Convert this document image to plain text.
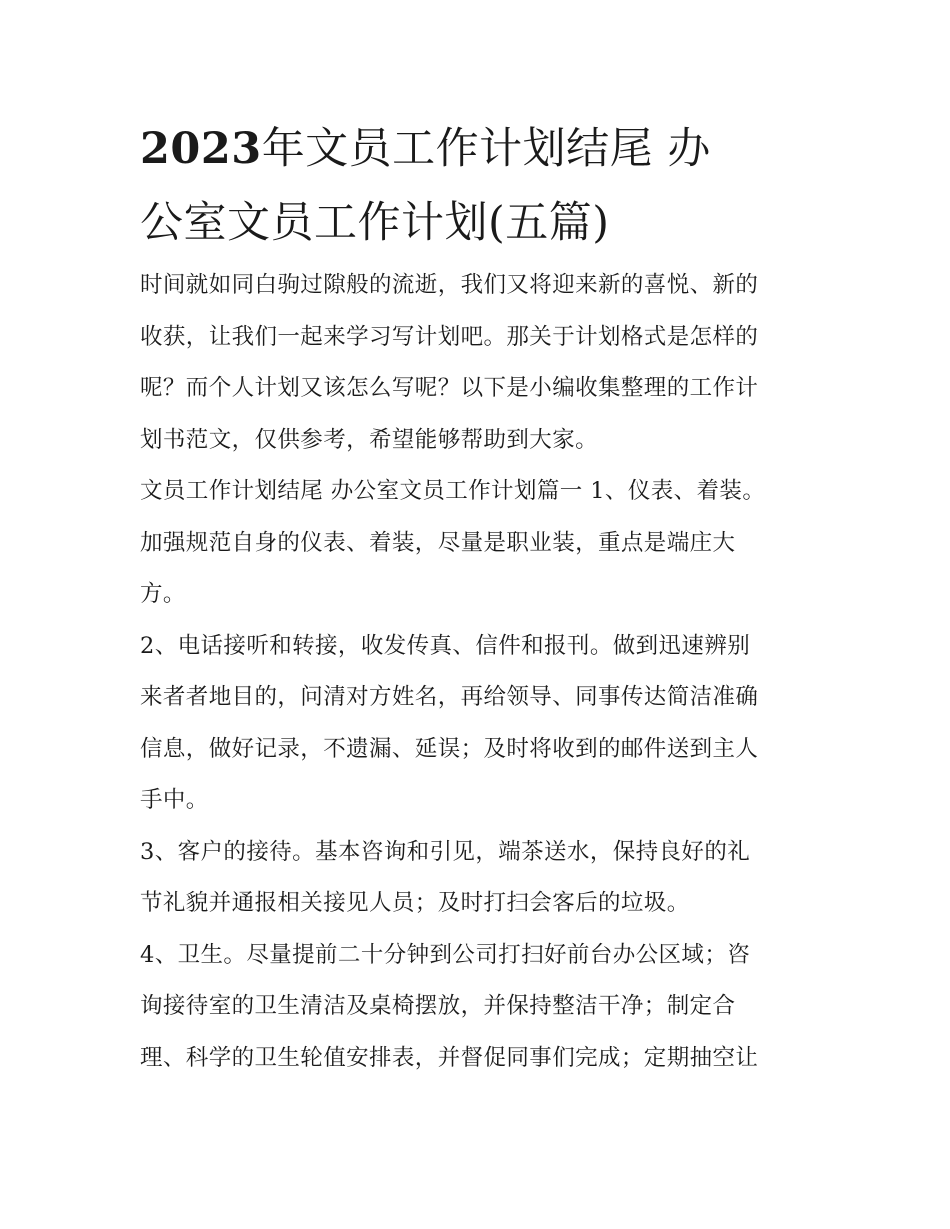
2023年文员工作计划结尾 办
公室文员工作计划(五篇)

时间就如同白驹过隙般的流逝，我们又将迎来新的喜悦、新的
收获，让我们一起来学习写计划吧。那关于计划格式是怎样的
呢？而个人计划又该怎么写呢？以下是小编收集整理的工作计
划书范文，仅供参考，希望能够帮助到大家。

文员工作计划结尾 办公室文员工作计划篇一 1、仪表、着装。
加强规范自身的仪表、着装，尽量是职业装，重点是端庄大
方。

2、电话接听和转接，收发传真、信件和报刊。做到迅速辨别
来者者地目的，问清对方姓名，再给领导、同事传达简洁准确
信息，做好记录，不遗漏、延误；及时将收到的邮件送到主人
手中。

3、客户的接待。基本咨询和引见，端茶送水，保持良好的礼
节礼貌并通报相关接见人员；及时打扫会客后的垃圾。

4、卫生。尽量提前二十分钟到公司打扫好前台办公区域；咨
询接待室的卫生清洁及桌椅摆放，并保持整洁干净；制定合
理、科学的卫生轮值安排表，并督促同事们完成；定期抽空让
